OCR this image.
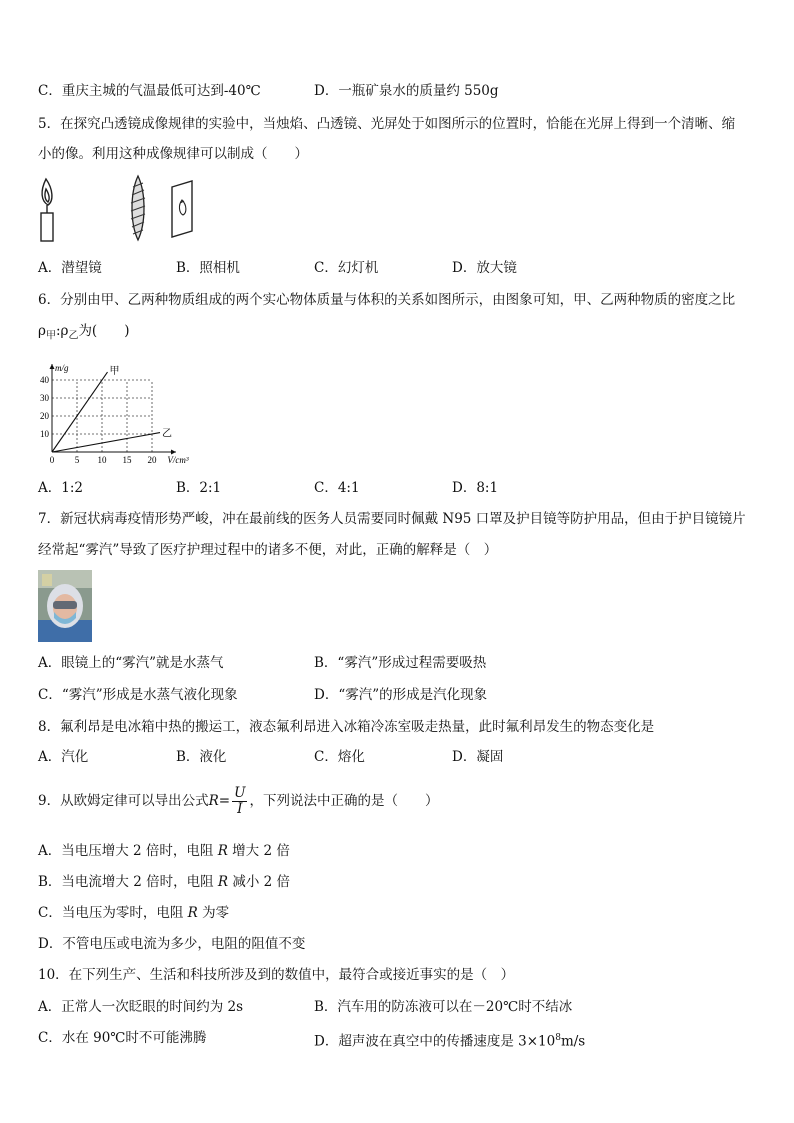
C．重庆主城的气温最低可达到-40℃	D．一瓶矿泉水的质量约 550g
5．在探究凸透镜成像规律的实验中，当烛焰、凸透镜、光屏处于如图所示的位置时，恰能在光屏上得到一个清晰、缩
小的像。利用这种成像规律可以制成（　　）
A．潜望镜	B．照相机	C．幻灯机	D．放大镜
6．分别由甲、乙两种物质组成的两个实心物体质量与体积的关系如图所示，由图象可知，甲、乙两种物质的密度之比
$\rho_甲:\rho_乙$为(　　)
甲
乙
0 5 10 15 20
10
20
30
40
m/g
V/cm³
A．1:2	B．2:1	C．4:1	D．8:1
7．新冠状病毒疫情形势严峻，冲在最前线的医务人员需要同时佩戴 N95 口罩及护目镜等防护用品，但由于护目镜镜片
经常起“雾汽”导致了医疗护理过程中的诸多不便，对此，正确的解释是（　）
A．眼镜上的“雾汽”就是水蒸气	B．“雾汽”形成过程需要吸热
C．“雾汽”形成是水蒸气液化现象	D．“雾汽”的形成是汽化现象
8．氟利昂是电冰箱中热的搬运工，液态氟利昂进入冰箱冷冻室吸走热量，此时氟利昂发生的物态变化是
A．汽化	B．液化	C．熔化	D．凝固
9．从欧姆定律可以导出公式$R= \frac{U}{I}$ ，下列说法中正确的是（　　）
A．当电压增大 2 倍时，电阻 R 增大 2 倍
B．当电流增大 2 倍时，电阻 R 减小 2 倍
C．当电压为零时，电阻 R 为零
D．不管电压或电流为多少，电阻的阻值不变
10．在下列生产、生活和科技所涉及到的数值中，最符合或接近事实的是（　）
A．正常人一次眨眼的时间约为 2s	B．汽车用的防冻液可以在－20℃时不结冰
C．水在 90℃时不可能沸腾	D．超声波在真空中的传播速度是 $3\times 10^8m/s$
